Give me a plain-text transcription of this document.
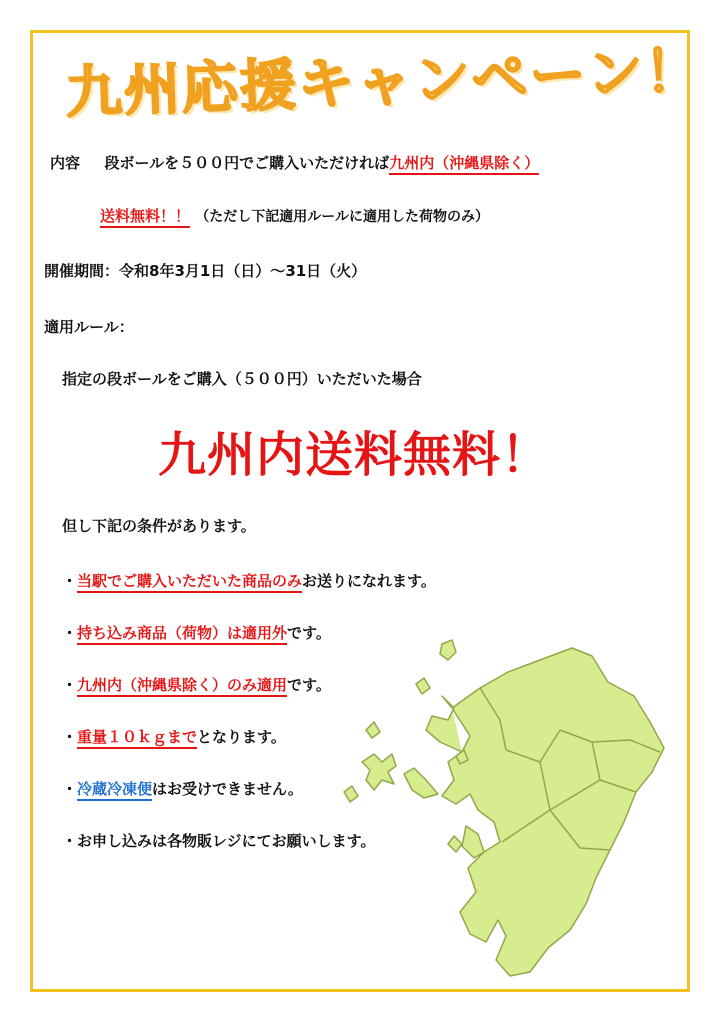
九州応援キャンペーン！
内容 段ボールを５００円でご購入いただければ九州内（沖縄県除く）
送料無料！！ （ただし下記適用ルールに適用した荷物のみ）
開催期間：令和8年3月1日（日）～31日（火）
適用ルール：
指定の段ボールをご購入（５００円）いただいた場合
九州内送料無料！
但し下記の条件があります。
・当駅でご購入いただいた商品のみお送りになれます。
・持ち込み商品（荷物）は適用外です。
・九州内（沖縄県除く）のみ適用です。
・重量１０ｋｇまでとなります。
・冷蔵冷凍便はお受けできません。
・お申し込みは各物販レジにてお願いします。
